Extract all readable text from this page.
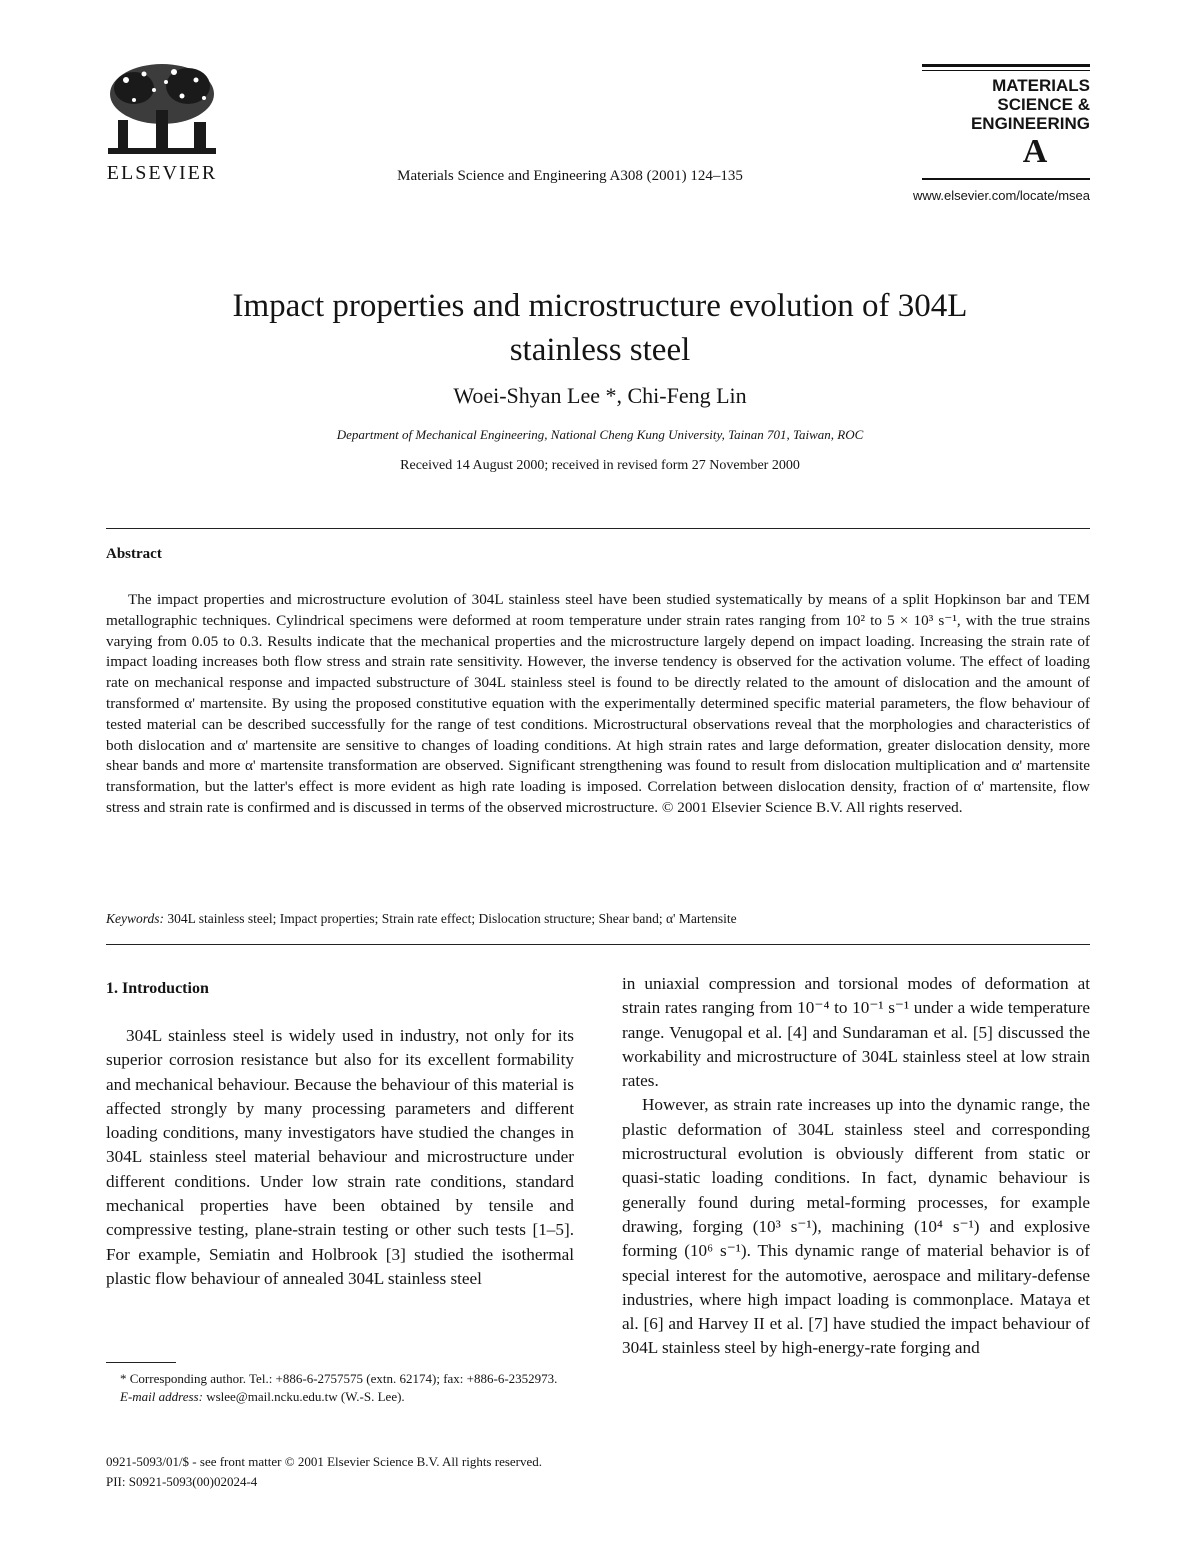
ELSEVIER	Materials Science and Engineering A308 (2001) 124–135
MATERIALS
SCIENCE &
ENGINEERING
A
www.elsevier.com/locate/msea
Impact properties and microstructure evolution of 304L
stainless steel
Woei-Shyan Lee *, Chi-Feng Lin
Department of Mechanical Engineering, National Cheng Kung University, Tainan 701, Taiwan, ROC
Received 14 August 2000; received in revised form 27 November 2000
Abstract
The impact properties and microstructure evolution of 304L stainless steel have been studied systematically by means of a split Hopkinson bar and TEM metallographic techniques. Cylindrical specimens were deformed at room temperature under strain rates ranging from 10² to 5 × 10³ s⁻¹, with the true strains varying from 0.05 to 0.3. Results indicate that the mechanical properties and the microstructure largely depend on impact loading. Increasing the strain rate of impact loading increases both flow stress and strain rate sensitivity. However, the inverse tendency is observed for the activation volume. The effect of loading rate on mechanical response and impacted substructure of 304L stainless steel is found to be directly related to the amount of dislocation and the amount of transformed α' martensite. By using the proposed constitutive equation with the experimentally determined specific material parameters, the flow behaviour of tested material can be described successfully for the range of test conditions. Microstructural observations reveal that the morphologies and characteristics of both dislocation and α' martensite are sensitive to changes of loading conditions. At high strain rates and large deformation, greater dislocation density, more shear bands and more α' martensite transformation are observed. Significant strengthening was found to result from dislocation multiplication and α' martensite transformation, but the latter's effect is more evident as high rate loading is imposed. Correlation between dislocation density, fraction of α' martensite, flow stress and strain rate is confirmed and is discussed in terms of the observed microstructure. © 2001 Elsevier Science B.V. All rights reserved.
Keywords: 304L stainless steel; Impact properties; Strain rate effect; Dislocation structure; Shear band; α' Martensite
1. Introduction

304L stainless steel is widely used in industry, not only for its superior corrosion resistance but also for its excellent formability and mechanical behaviour. Because the behaviour of this material is affected strongly by many processing parameters and different loading conditions, many investigators have studied the changes in 304L stainless steel material behaviour and microstructure under different conditions. Under low strain rate conditions, standard mechanical properties have been obtained by tensile and compressive testing, plane-strain testing or other such tests [1–5]. For example, Semiatin and Holbrook [3] studied the isothermal plastic flow behaviour of annealed 304L stainless steel

in uniaxial compression and torsional modes of deformation at strain rates ranging from 10⁻⁴ to 10⁻¹ s⁻¹ under a wide temperature range. Venugopal et al. [4] and Sundaraman et al. [5] discussed the workability and microstructure of 304L stainless steel at low strain rates.

However, as strain rate increases up into the dynamic range, the plastic deformation of 304L stainless steel and corresponding microstructural evolution is obviously different from static or quasi-static loading conditions. In fact, dynamic behaviour is generally found during metal-forming processes, for example drawing, forging (10³ s⁻¹), machining (10⁴ s⁻¹) and explosive forming (10⁶ s⁻¹). This dynamic range of material behavior is of special interest for the automotive, aerospace and military-defense industries, where high impact loading is commonplace. Mataya et al. [6] and Harvey II et al. [7] have studied the impact behaviour of 304L stainless steel by high-energy-rate forging and

* Corresponding author. Tel.: +886-6-2757575 (extn. 62174); fax: +886-6-2352973.
E-mail address: wslee@mail.ncku.edu.tw (W.-S. Lee).
0921-5093/01/$ - see front matter © 2001 Elsevier Science B.V. All rights reserved.
PII: S0921-5093(00)02024-4
